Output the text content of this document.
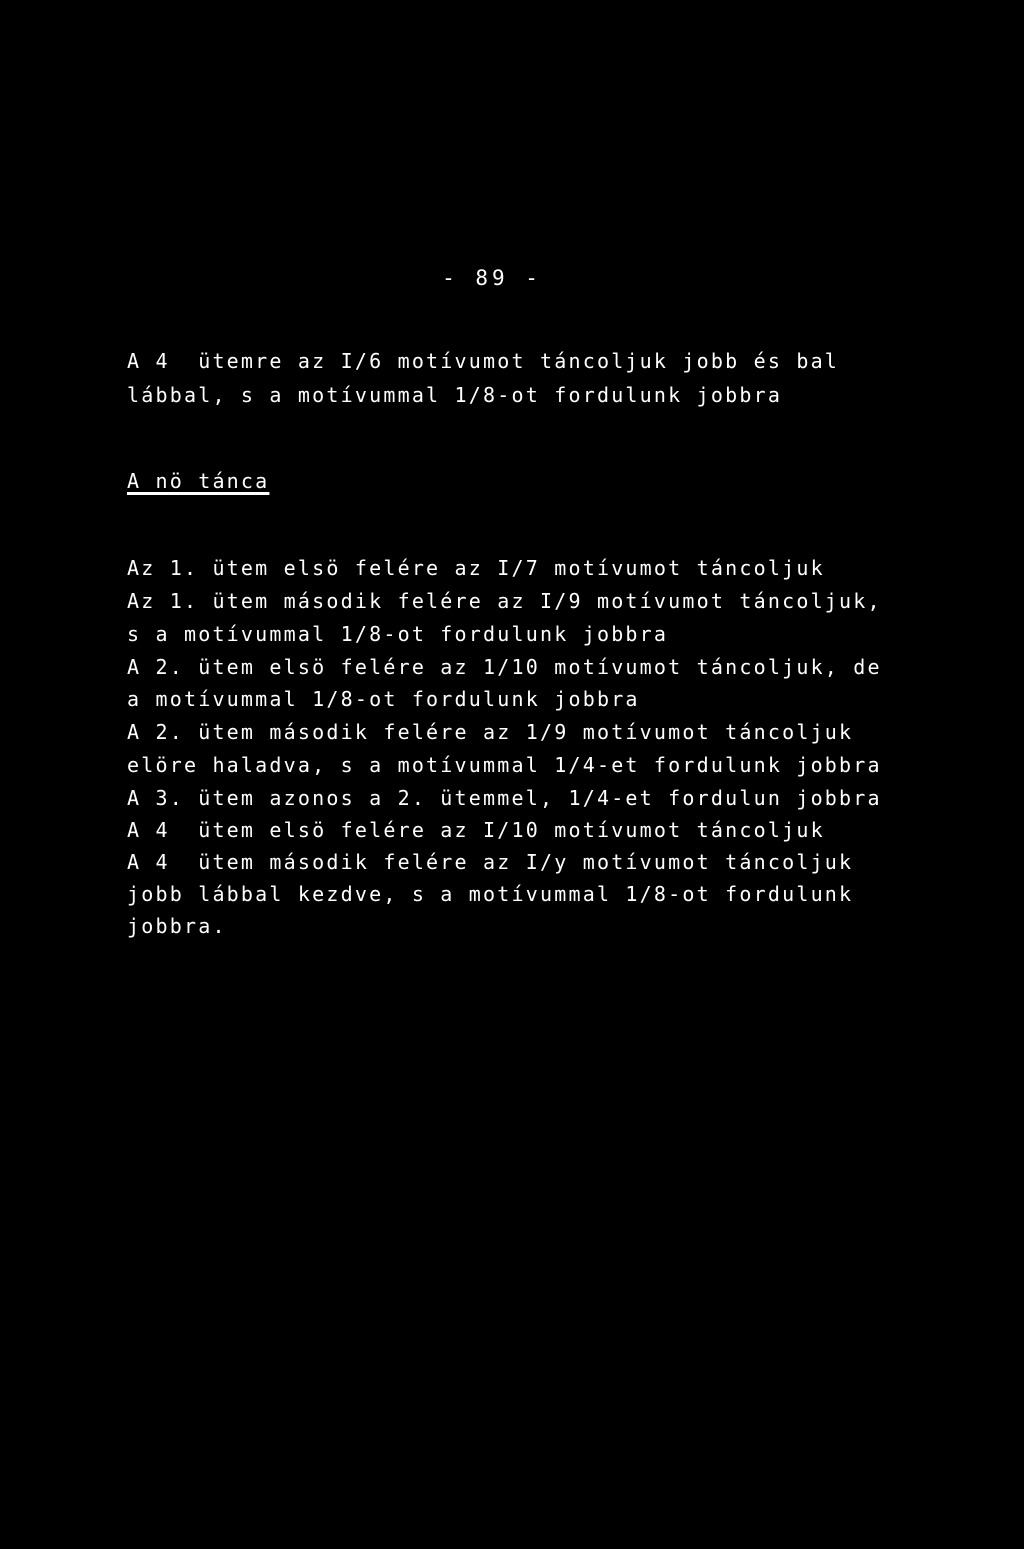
- 89 -
A 4  ütemre az I/6 motívumot táncoljuk jobb és bal
lábbal, s a motívummal 1/8-ot fordulunk jobbra
A nö tánca
Az 1. ütem elsö felére az I/7 motívumot táncoljuk
Az 1. ütem második felére az I/9 motívumot táncoljuk,
s a motívummal 1/8-ot fordulunk jobbra
A 2. ütem elsö felére az 1/10 motívumot táncoljuk, de
a motívummal 1/8-ot fordulunk jobbra
A 2. ütem második felére az 1/9 motívumot táncoljuk
elöre haladva, s a motívummal 1/4-et fordulunk jobbra
A 3. ütem azonos a 2. ütemmel, 1/4-et fordulun jobbra
A 4  ütem elsö felére az I/10 motívumot táncoljuk
A 4  ütem második felére az I/y motívumot táncoljuk
jobb lábbal kezdve, s a motívummal 1/8-ot fordulunk
jobbra.
